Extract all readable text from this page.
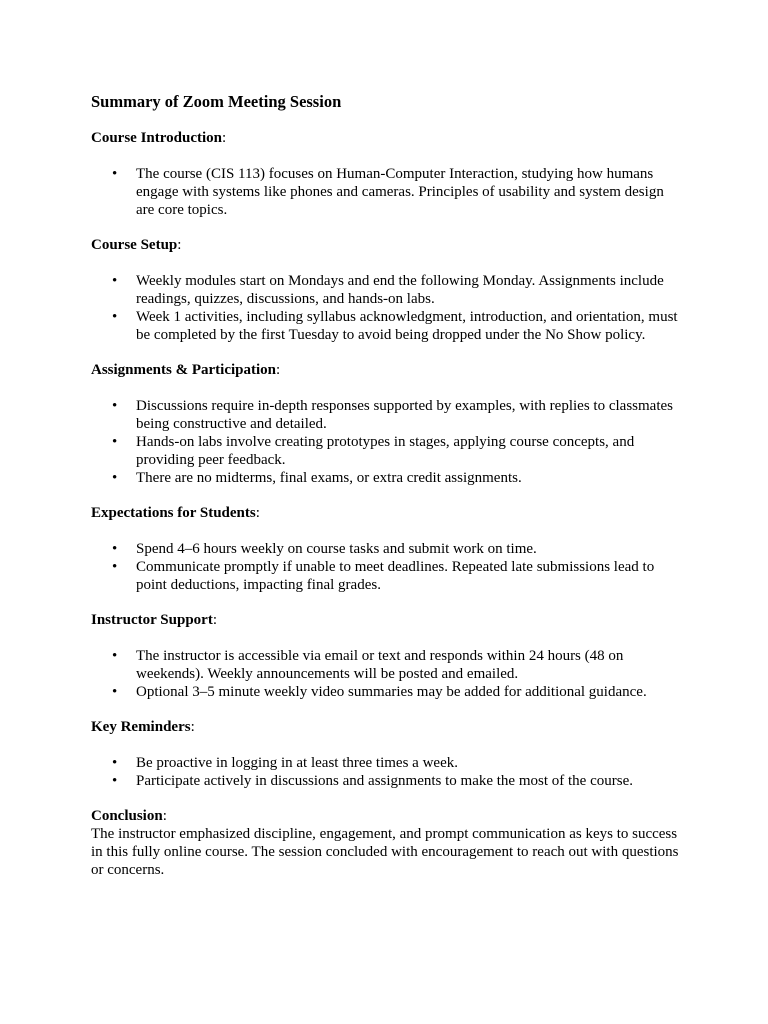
Summary of Zoom Meeting Session
Course Introduction:
• The course (CIS 113) focuses on Human-Computer Interaction, studying how humans engage with systems like phones and cameras. Principles of usability and system design are core topics.
Course Setup:
• Weekly modules start on Mondays and end the following Monday. Assignments include readings, quizzes, discussions, and hands-on labs.
• Week 1 activities, including syllabus acknowledgment, introduction, and orientation, must be completed by the first Tuesday to avoid being dropped under the No Show policy.
Assignments & Participation:
• Discussions require in-depth responses supported by examples, with replies to classmates being constructive and detailed.
• Hands-on labs involve creating prototypes in stages, applying course concepts, and providing peer feedback.
• There are no midterms, final exams, or extra credit assignments.
Expectations for Students:
• Spend 4–6 hours weekly on course tasks and submit work on time.
• Communicate promptly if unable to meet deadlines. Repeated late submissions lead to point deductions, impacting final grades.
Instructor Support:
• The instructor is accessible via email or text and responds within 24 hours (48 on weekends). Weekly announcements will be posted and emailed.
• Optional 3–5 minute weekly video summaries may be added for additional guidance.
Key Reminders:
• Be proactive in logging in at least three times a week.
• Participate actively in discussions and assignments to make the most of the course.
Conclusion:

The instructor emphasized discipline, engagement, and prompt communication as keys to success in this fully online course. The session concluded with encouragement to reach out with questions or concerns.
